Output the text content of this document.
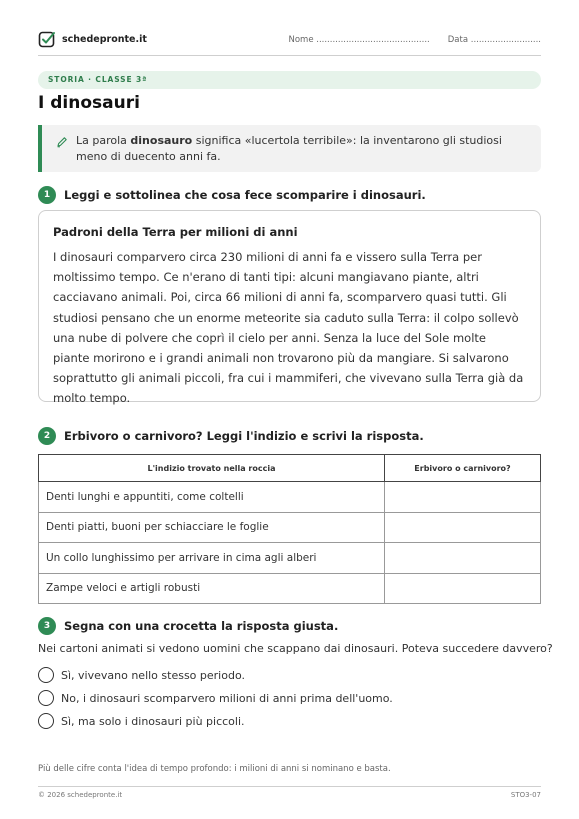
schedepronte.it	Nome .......................................... Data ..........................
STORIA · CLASSE 3ª
I dinosauri
La parola dinosauro significa «lucertola terribile»: la inventarono gli studiosi meno di duecento anni fa.
1	Leggi e sottolinea che cosa fece scomparire i dinosauri.
Padroni della Terra per milioni di anni
I dinosauri comparvero circa 230 milioni di anni fa e vissero sulla Terra per moltissimo tempo. Ce n'erano di tanti tipi: alcuni mangiavano piante, altri cacciavano animali. Poi, circa 66 milioni di anni fa, scomparvero quasi tutti. Gli studiosi pensano che un enorme meteorite sia caduto sulla Terra: il colpo sollevò una nube di polvere che coprì il cielo per anni. Senza la luce del Sole molte piante morirono e i grandi animali non trovarono più da mangiare. Si salvarono soprattutto gli animali piccoli, fra cui i mammiferi, che vivevano sulla Terra già da molto tempo.
2	Erbivoro o carnivoro? Leggi l'indizio e scrivi la risposta.
L'indizio trovato nella roccia	Erbivoro o carnivoro?
Denti lunghi e appuntiti, come coltelli	
Denti piatti, buoni per schiacciare le foglie	
Un collo lunghissimo per arrivare in cima agli alberi	
Zampe veloci e artigli robusti	
3	Segna con una crocetta la risposta giusta.
Nei cartoni animati si vedono uomini che scappano dai dinosauri. Poteva succedere davvero?
Sì, vivevano nello stesso periodo.
No, i dinosauri scomparvero milioni di anni prima dell'uomo.
Sì, ma solo i dinosauri più piccoli.
Più delle cifre conta l'idea di tempo profondo: i milioni di anni si nominano e basta.
© 2026 schedepronte.it	STO3-07
